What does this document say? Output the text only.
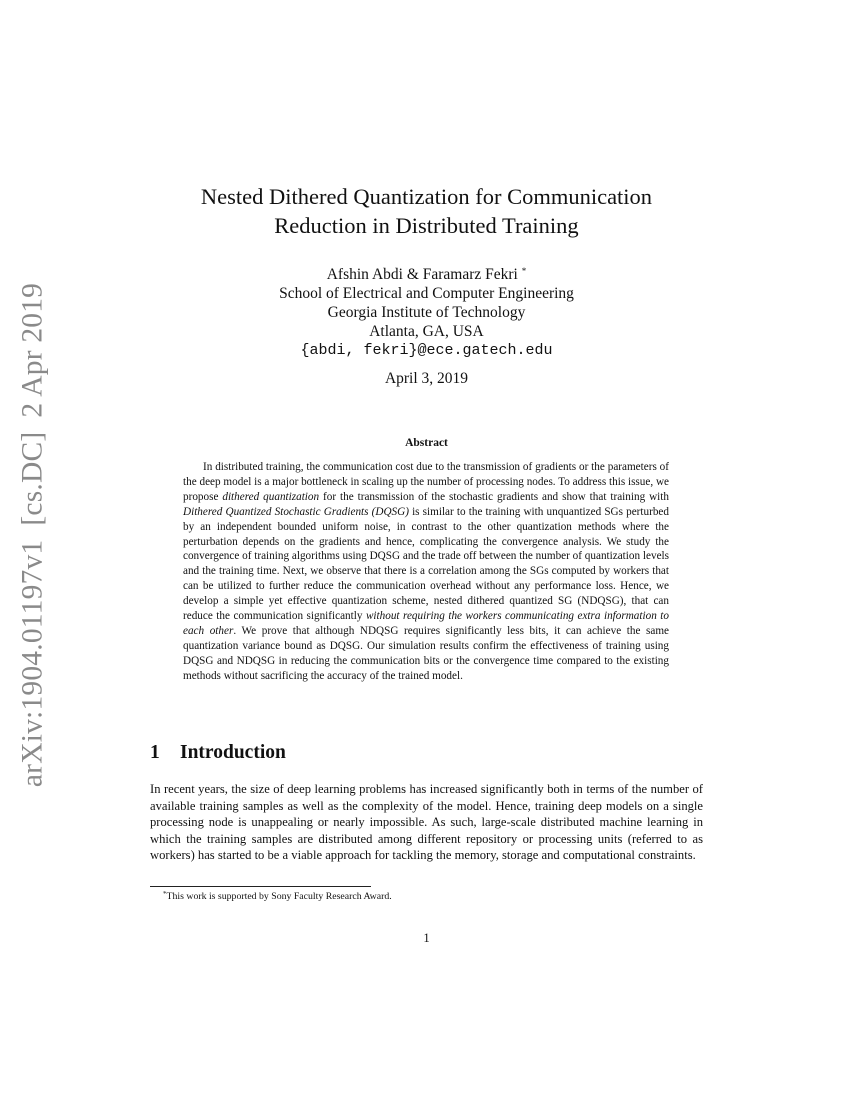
arXiv:1904.01197v1[cs.DC]2 Apr 2019
Nested Dithered Quantization for Communication
Reduction in Distributed Training
Afshin Abdi & Faramarz Fekri *
School of Electrical and Computer Engineering
Georgia Institute of Technology
Atlanta, GA, USA
{abdi, fekri}@ece.gatech.edu
April 3, 2019
Abstract

In distributed training, the communication cost due to the transmission of gradients or the parameters of the deep model is a major bottleneck in scaling up the number of processing nodes. To address this issue, we propose dithered quantization for the transmission of the stochastic gradients and show that training with Dithered Quantized Stochastic Gradients (DQSG) is similar to the training with unquantized SGs perturbed by an independent bounded uniform noise, in contrast to the other quantization methods where the perturbation depends on the gradients and hence, complicating the convergence analysis. We study the convergence of training algorithms using DQSG and the trade off between the number of quantization levels and the training time. Next, we observe that there is a correlation among the SGs computed by workers that can be utilized to further reduce the communication overhead without any performance loss. Hence, we develop a simple yet effective quantization scheme, nested dithered quantized SG (NDQSG), that can reduce the communication significantly without requiring the workers communicating extra information to each other. We prove that although NDQSG requires significantly less bits, it can achieve the same quantization variance bound as DQSG. Our simulation results confirm the effectiveness of training using DQSG and NDQSG in reducing the communication bits or the convergence time compared to the existing methods without sacrificing the accuracy of the trained model.

1 Introduction

In recent years, the size of deep learning problems has increased significantly both in terms of the number of available training samples as well as the complexity of the model. Hence, training deep models on a single processing node is unappealing or nearly impossible. As such, large-scale distributed machine learning in which the training samples are distributed among different repository or processing units (referred to as workers) has started to be a viable approach for tackling the memory, storage and computational constraints.

*This work is supported by Sony Faculty Research Award.
1
